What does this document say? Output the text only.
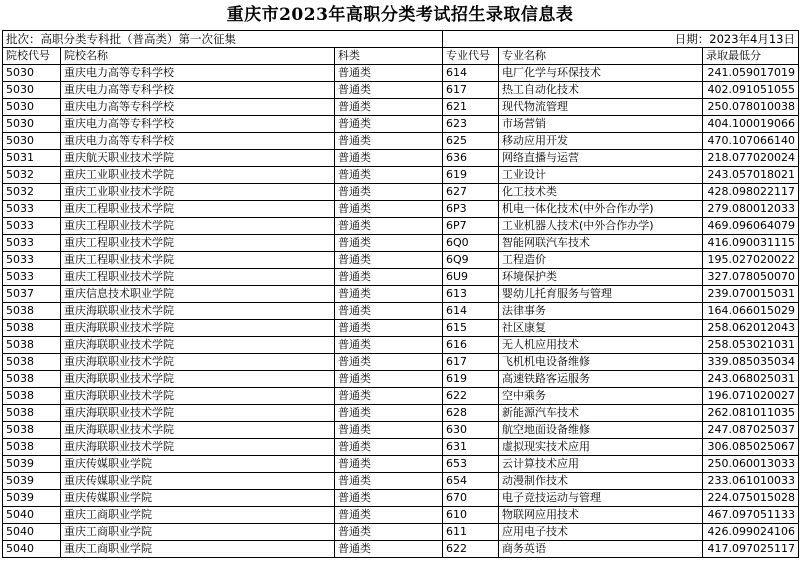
重庆市2023年高职分类考试招生录取信息表
批次：高职分类专科批（普高类）第一次征集			日期：2023年4月13日		
院校代号	院校名称	科类	专业代号	专业名称	录取最低分
5030	重庆电力高等专科学校	普通类	614	电厂化学与环保技术	241.059017019
5030	重庆电力高等专科学校	普通类	617	热工自动化技术	402.091051055
5030	重庆电力高等专科学校	普通类	621	现代物流管理	250.078010038
5030	重庆电力高等专科学校	普通类	623	市场营销	404.100019066
5030	重庆电力高等专科学校	普通类	625	移动应用开发	470.107066140
5031	重庆航天职业技术学院	普通类	636	网络直播与运营	218.077020024
5032	重庆工业职业技术学院	普通类	619	工业设计	243.057018021
5032	重庆工业职业技术学院	普通类	627	化工技术类	428.098022117
5033	重庆工程职业技术学院	普通类	6P3	机电一体化技术(中外合作办学)	279.080012033
5033	重庆工程职业技术学院	普通类	6P7	工业机器人技术(中外合作办学)	469.096064079
5033	重庆工程职业技术学院	普通类	6Q0	智能网联汽车技术	416.090031115
5033	重庆工程职业技术学院	普通类	6Q9	工程造价	195.027020022
5033	重庆工程职业技术学院	普通类	6U9	环境保护类	327.078050070
5037	重庆信息技术职业学院	普通类	613	婴幼儿托育服务与管理	239.070015031
5038	重庆海联职业技术学院	普通类	614	法律事务	164.066015029
5038	重庆海联职业技术学院	普通类	615	社区康复	258.062012043
5038	重庆海联职业技术学院	普通类	616	无人机应用技术	258.053021031
5038	重庆海联职业技术学院	普通类	617	飞机机电设备维修	339.085035034
5038	重庆海联职业技术学院	普通类	619	高速铁路客运服务	243.068025031
5038	重庆海联职业技术学院	普通类	622	空中乘务	196.071020027
5038	重庆海联职业技术学院	普通类	628	新能源汽车技术	262.081011035
5038	重庆海联职业技术学院	普通类	630	航空地面设备维修	247.087025037
5038	重庆海联职业技术学院	普通类	631	虚拟现实技术应用	306.085025067
5039	重庆传媒职业学院	普通类	653	云计算技术应用	250.060013033
5039	重庆传媒职业学院	普通类	654	动漫制作技术	233.061010033
5039	重庆传媒职业学院	普通类	670	电子竞技运动与管理	224.075015028
5040	重庆工商职业学院	普通类	610	物联网应用技术	467.097051133
5040	重庆工商职业学院	普通类	611	应用电子技术	426.099024106
5040	重庆工商职业学院	普通类	622	商务英语	417.097025117
